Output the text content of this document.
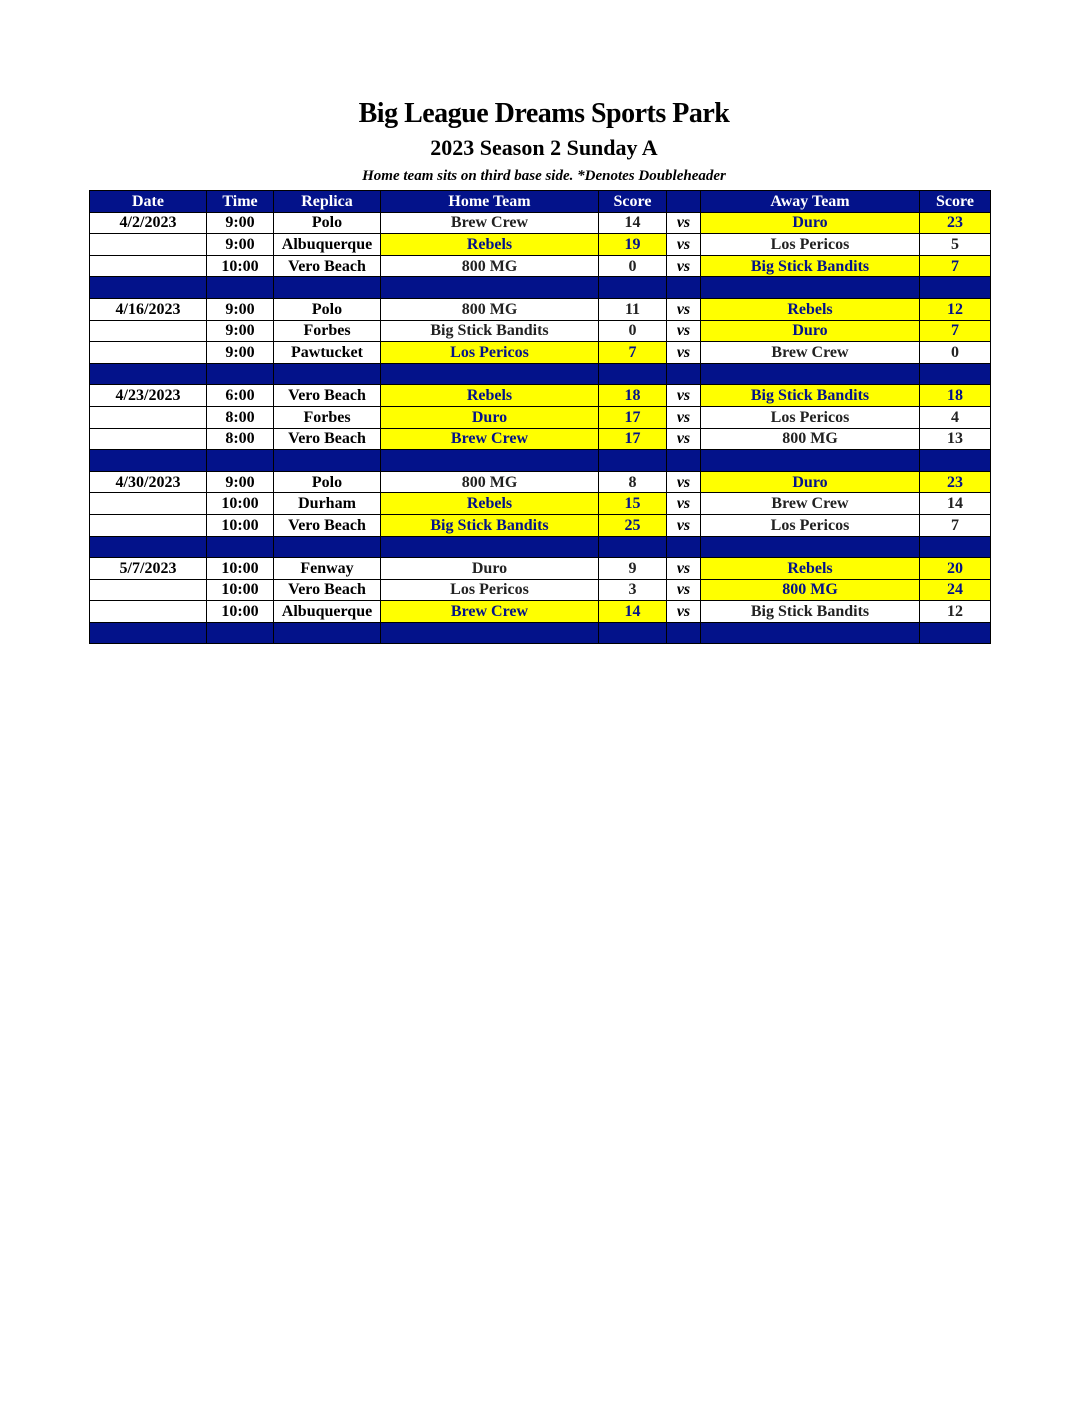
Big League Dreams Sports Park
2023 Season 2 Sunday A
Home team sits on third base side. *Denotes Doubleheader
Date	Time	Replica	Home Team	Score		Away Team	Score
4/2/2023	9:00	Polo	Brew Crew	14	vs	Duro	23
	9:00	Albuquerque	Rebels	19	vs	Los Pericos	5
	10:00	Vero Beach	800 MG	0	vs	Big Stick Bandits	7

4/16/2023	9:00	Polo	800 MG	11	vs	Rebels	12
	9:00	Forbes	Big Stick Bandits	0	vs	Duro	7
	9:00	Pawtucket	Los Pericos	7	vs	Brew Crew	0

4/23/2023	6:00	Vero Beach	Rebels	18	vs	Big Stick Bandits	18
	8:00	Forbes	Duro	17	vs	Los Pericos	4
	8:00	Vero Beach	Brew Crew	17	vs	800 MG	13

4/30/2023	9:00	Polo	800 MG	8	vs	Duro	23
	10:00	Durham	Rebels	15	vs	Brew Crew	14
	10:00	Vero Beach	Big Stick Bandits	25	vs	Los Pericos	7

5/7/2023	10:00	Fenway	Duro	9	vs	Rebels	20
	10:00	Vero Beach	Los Pericos	3	vs	800 MG	24
	10:00	Albuquerque	Brew Crew	14	vs	Big Stick Bandits	12
